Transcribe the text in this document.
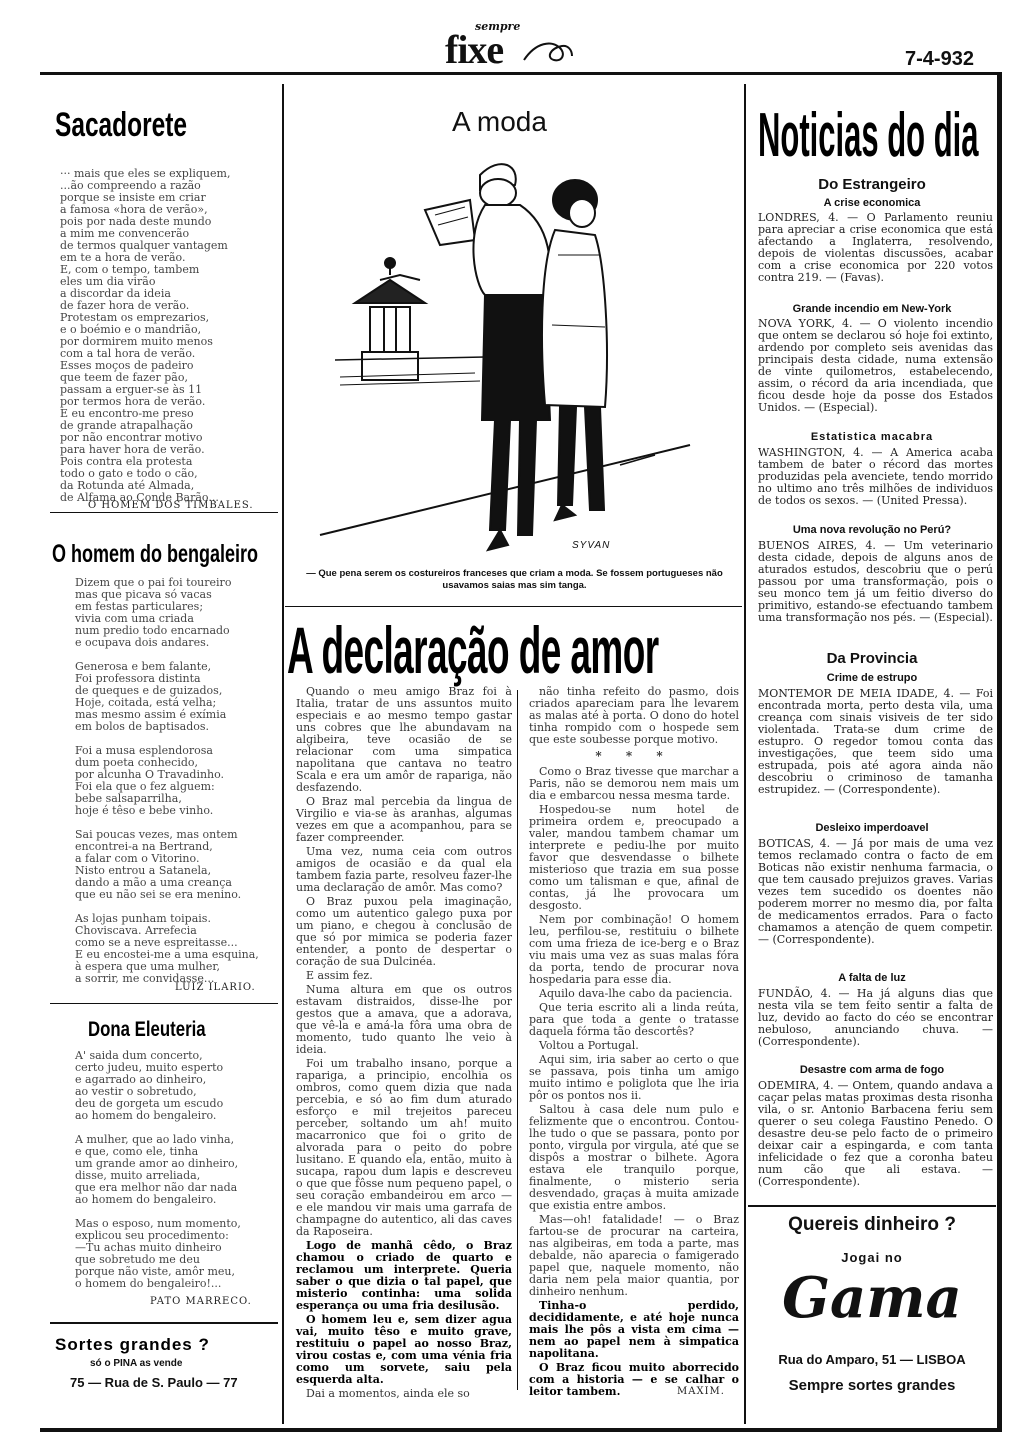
sempre
fixe	7-4-932
Sacadorete
··· mais que eles se expliquem,
...ão compreendo a razão
porque se insiste em criar
a famosa «hora de verão»,
pois por nada deste mundo
a mim me convencerão
de termos qualquer vantagem
em te a hora de verão.
E, com o tempo, tambem
eles um dia virão
a discordar da ideia
de fazer hora de verão.
Protestam os emprezarios,
e o boémio e o mandrião,
por dormirem muito menos
com a tal hora de verão.
Esses moços de padeiro
que teem de fazer pão,
passam a erguer-se às 11
por termos hora de verão.
E eu encontro-me preso
de grande atrapalhação
por não encontrar motivo
para haver hora de verão.
Pois contra ela protesta
todo o gato e todo o cão,
da Rotunda até Almada,
de Alfama ao Conde Barão...
O HOMEM DOS TIMBALES.
O homem do bengaleiro
Dizem que o pai foi toureiro
mas que picava só vacas
em festas particulares;
vivia com uma criada
num predio todo encarnado
e ocupava dois andares.

Generosa e bem falante,
Foi professora distinta
de queques e de guizados,
Hoje, coitada, está velha;
mas mesmo assim é exímia
em bolos de baptisados.

Foi a musa esplendorosa
dum poeta conhecido,
por alcunha O Travadinho.
Foi ela que o fez alguem:
bebe salsaparrilha,
hoje é têso e bebe vinho.

Sai poucas vezes, mas ontem
encontrei-a na Bertrand,
a falar com o Vitorino.
Nisto entrou a Satanela,
dando a mão a uma creança
que eu não sei se era menino.

As lojas punham toipais.
Choviscava. Arrefecia
como se a neve espreitasse...
E eu encostei-me a uma esquina,
à espera que uma mulher,
a sorrir, me convidasse...
LUIZ ILARIO.
Dona Eleuteria
A' saida dum concerto,
certo judeu, muito esperto
e agarrado ao dinheiro,
ao vestir o sobretudo,
deu de gorgeta um escudo
ao homem do bengaleiro.

A mulher, que ao lado vinha,
e que, como ele, tinha
um grande amor ao dinheiro,
disse, muito arreliada,
que era melhor não dar nada
ao homem do bengaleiro.

Mas o esposo, num momento,
explicou seu procedimento:
—Tu achas muito dinheiro
que sobretudo me deu
porque não viste, amôr meu,
o homem do bengaleiro!...
PATO MARRECO.
Sortes grandes ?
só o PINA as vende
75 — Rua de S. Paulo — 77
A moda
SYVAN
— Que pena serem os costureiros franceses que criam a moda. Se fossem portugueses não usavamos saias mas sim tanga.
A declaração de amor

Quando o meu amigo Braz foi à Italia, tratar de uns assuntos muito especiais e ao mesmo tempo gastar uns cobres que lhe abundavam na algibeira, teve ocasião de se relacionar com uma simpatica napolitana que cantava no teatro Scala e era um amôr de rapariga, não desfazendo.

O Braz mal percebia da lingua de Virgilio e via-se às aranhas, algumas vezes em que a acompanhou, para se fazer compreender.

Uma vez, numa ceia com outros amigos de ocasião e da qual ela tambem fazia parte, resolveu fazer-lhe uma declaração de amôr. Mas como?

O Braz puxou pela imaginação, como um autentico galego puxa por um piano, e chegou à conclusão de que só por mimica se poderia fazer entender, a ponto de despertar o coração de sua Dulcinéa.

E assim fez.

Numa altura em que os outros estavam distraidos, disse-lhe por gestos que a amava, que a adorava, que vê-la e amá-la fôra uma obra de momento, tudo quanto lhe veio à ideia.

Foi um trabalho insano, porque a rapariga, a principio, encolhia os ombros, como quem dizia que nada percebia, e só ao fim dum aturado esforço e mil trejeitos pareceu perceber, soltando um ah! muito macarronico que foi o grito de alvorada para o peito do pobre lusitano. E quando ela, então, muito à sucapa, rapou dum lapis e descreveu o que que fôsse num pequeno papel, o seu coração embandeirou em arco — e ele mandou vir mais uma garrafa de champagne do autentico, ali das caves da Raposeira.

Logo de manhã cêdo, o Braz chamou o criado de quarto e reclamou um interprete. Queria saber o que dizia o tal papel, que misterio continha: uma solida esperança ou uma fria desilusão.

O homem leu e, sem dizer agua vai, muito têso e muito grave, restituiu o papel ao nosso Braz, virou costas e, com uma vénia fria como um sorvete, saiu pela esquerda alta.

Dai a momentos, ainda ele so

não tinha refeito do pasmo, dois criados apareciam para lhe levarem as malas até à porta. O dono do hotel tinha rompido com o hospede sem que este soubesse porque motivo.

* * *

Como o Braz tivesse que marchar a Paris, não se demorou nem mais um dia e embarcou nessa mesma tarde.

Hospedou-se num hotel de primeira ordem e, preocupado a valer, mandou tambem chamar um interprete e pediu-lhe por muito favor que desvendasse o bilhete misterioso que trazia em sua posse como um talisman e que, afinal de contas, já lhe provocara um desgosto.

Nem por combinação! O homem leu, perfilou-se, restituiu o bilhete com uma frieza de ice-berg e o Braz viu mais uma vez as suas malas fóra da porta, tendo de procurar nova hospedaria para esse dia.

Aquilo dava-lhe cabo da paciencia.

Que teria escrito ali a linda reúta, para que toda a gente o tratasse daquela fórma tão descortês?

Voltou a Portugal.

Aqui sim, iria saber ao certo o que se passava, pois tinha um amigo muito intimo e poliglota que lhe iria pôr os pontos nos ii.

Saltou à casa dele num pulo e felizmente que o encontrou. Contou-lhe tudo o que se passara, ponto por ponto, virgula por virgula, até que se dispôs a mostrar o bilhete. Agora estava ele tranquilo porque, finalmente, o misterio seria desvendado, graças à muita amizade que existia entre ambos.

Mas—oh! fatalidade! — o Braz fartou-se de procurar na carteira, nas algibeiras, em toda a parte, mas debalde, não aparecia o famigerado papel que, naquele momento, não daria nem pela maior quantia, por dinheiro nenhum.

Tinha-o perdido, decididamente, e até hoje nunca mais lhe pôs a vista em cima — nem ao papel nem à simpatica napolitana.

O Braz ficou muito aborrecido com a historia — e se calhar o leitor tambem.	MAXIM.
Noticias do dia
Do Estrangeiro
A crise economica
LONDRES, 4. — O Parlamento reuniu para apreciar a crise economica que está afectando a Inglaterra, resolvendo, depois de violentas discussões, acabar com a crise economica por 220 votos contra 219. — (Favas).
Grande incendio em New-York
NOVA YORK, 4. — O violento incendio que ontem se declarou só hoje foi extinto, ardendo por completo seis avenidas das principais desta cidade, numa extensão de vinte quilometros, estabelecendo, assim, o récord da aria incendiada, que ficou desde hoje da posse dos Estados Unidos. — (Especial).
Estatistica macabra
WASHINGTON, 4. — A America acaba tambem de bater o récord das mortes produzidas pela avenciete, tendo morrido no ultimo ano três milhões de individuos de todos os sexos. — (United Pressa).
Uma nova revolução no Perú?
BUENOS AIRES, 4. — Um veterinario desta cidade, depois de alguns anos de aturados estudos, descobriu que o perú passou por uma transformação, pois o seu monco tem já um feitio diverso do primitivo, estando-se efectuando tambem uma transformação nos pés. — (Especial).
Da Provincia
Crime de estrupo
MONTEMOR DE MEIA IDADE, 4. — Foi encontrada morta, perto desta vila, uma creança com sinais visiveis de ter sido violentada. Trata-se dum crime de estupro. O regedor tomou conta das investigações, que teem sido uma estrupada, pois até agora ainda não descobriu o criminoso de tamanha estrupidez. — (Correspondente).
Desleixo imperdoavel
BOTICAS, 4. — Já por mais de uma vez temos reclamado contra o facto de em Boticas não existir nenhuma farmacia, o que tem causado prejuizos graves. Varias vezes tem sucedido os doentes não poderem morrer no mesmo dia, por falta de medicamentos errados. Para o facto chamamos a atenção de quem competir. — (Correspondente).
A falta de luz
FUNDÃO, 4. — Ha já alguns dias que nesta vila se tem feito sentir a falta de luz, devido ao facto do céo se encontrar nebuloso, anunciando chuva. — (Correspondente).
Desastre com arma de fogo
ODEMIRA, 4. — Ontem, quando andava a caçar pelas matas proximas desta risonha vila, o sr. Antonio Barbacena feriu sem querer o seu colega Faustino Penedo. O desastre deu-se pelo facto de o primeiro deixar cair a espingarda, e com tanta infelicidade o fez que a coronha bateu num cão que ali estava. — (Correspondente).
Quereis dinheiro ?
Jogai no
Gama
Rua do Amparo, 51 — LISBOA
Sempre sortes grandes
